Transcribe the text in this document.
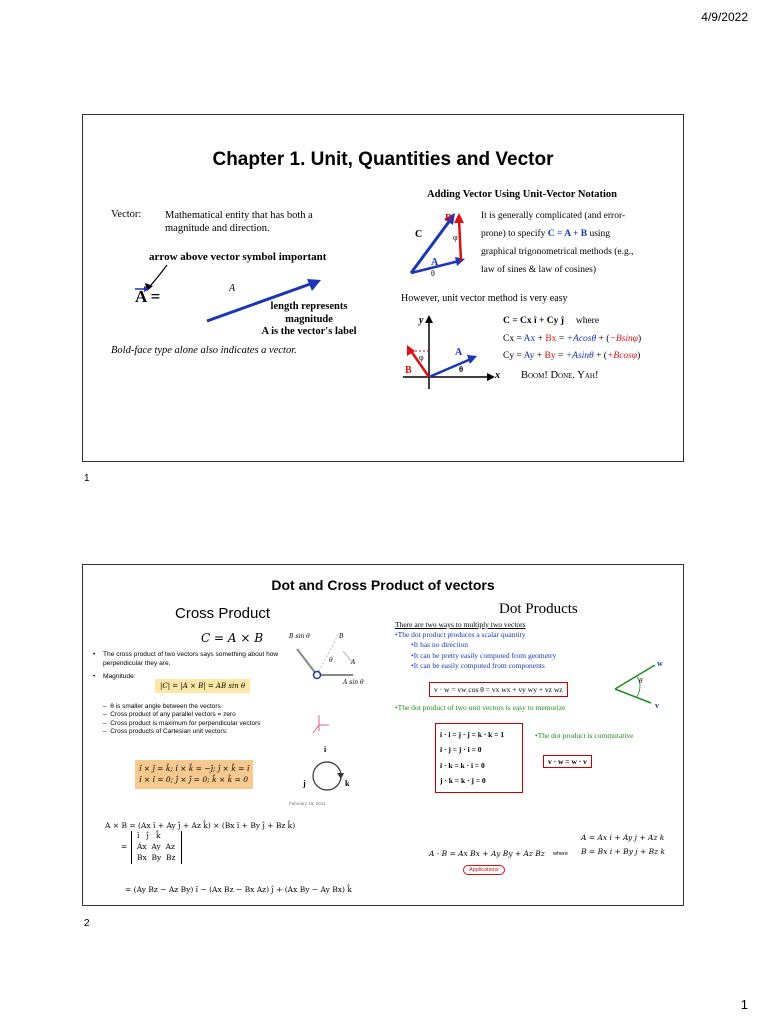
4/9/2022
Chapter 1. Unit, Quantities and Vector
Vector: Mathematical entity that has both a magnitude and direction.
arrow above vector symbol important
A =	A
length represents
magnitude
A is the vector's label
Bold-face type alone also indicates a vector.
Adding Vector Using Unit-Vector Notation
B
C
A
θ
φ
It is generally complicated (and error-
prone) to specify C = A + B using
graphical trigonometrical methods (e.g.,
law of sines & law of cosines)
However, unit vector method is very easy
y
x
A
B	θ
φ
C = Cx î + Cy ĵ where
Cx = Ax + Bx = +Acosθ + (−Bsinφ)
Cy = Ay + By = +Asinθ + (+Bcosφ)
Boom! Done. Yah!
1
Dot and Cross Product of vectors
Cross Product
C = A × B
• The cross product of two vectors says something about how perpendicular they are.
• Magnitude:
|C| = |A × B| = AB sin θ
–  θ is smaller angle between the vectors
–  Cross product of any parallel vectors = zero
–  Cross product is maximum for perpendicular vectors
–  Cross products of Cartesian unit vectors:
î × ĵ = k̂; î × k̂ = −ĵ; ĵ × k̂ = î
î × î = 0; ĵ × ĵ = 0; k̂ × k̂ = 0
B sin θ	B
A
θ
A sin θ
i
j	k
February 18, 2011
A × B = (Ax î + Ay ĵ + Az k̂) × (Bx î + By ĵ + Bz k̂)
=
î   ĵ   k̂
Ax  Ay  Az
Bx  By  Bz
= (Ay Bz − Az By) î − (Ax Bz − Bx Az) ĵ + (Ax By − Ay Bx) k̂
Dot Products
There are two ways to multiply two vectors
•The dot product produces a scalar quantity
•It has no direction
•It can be pretty easily computed from geometry
•It can be easily computed from components
v · w = vw cos θ = vx wx + vy wy + vz wz
•The dot product of two unit vectors is easy to memorize
i · i = j · j = k · k = 1
i · j = j · i = 0
i · k = k · i = 0
j · k = k · j = 0
•The dot product is commutative
v · w = w · v
w
v
θ
A · B = Ax Bx + Ay By + Az Bz where
A = Ax i + Ay j + Az k
B = Bx i + By j + Bz k
Applications
2
1
